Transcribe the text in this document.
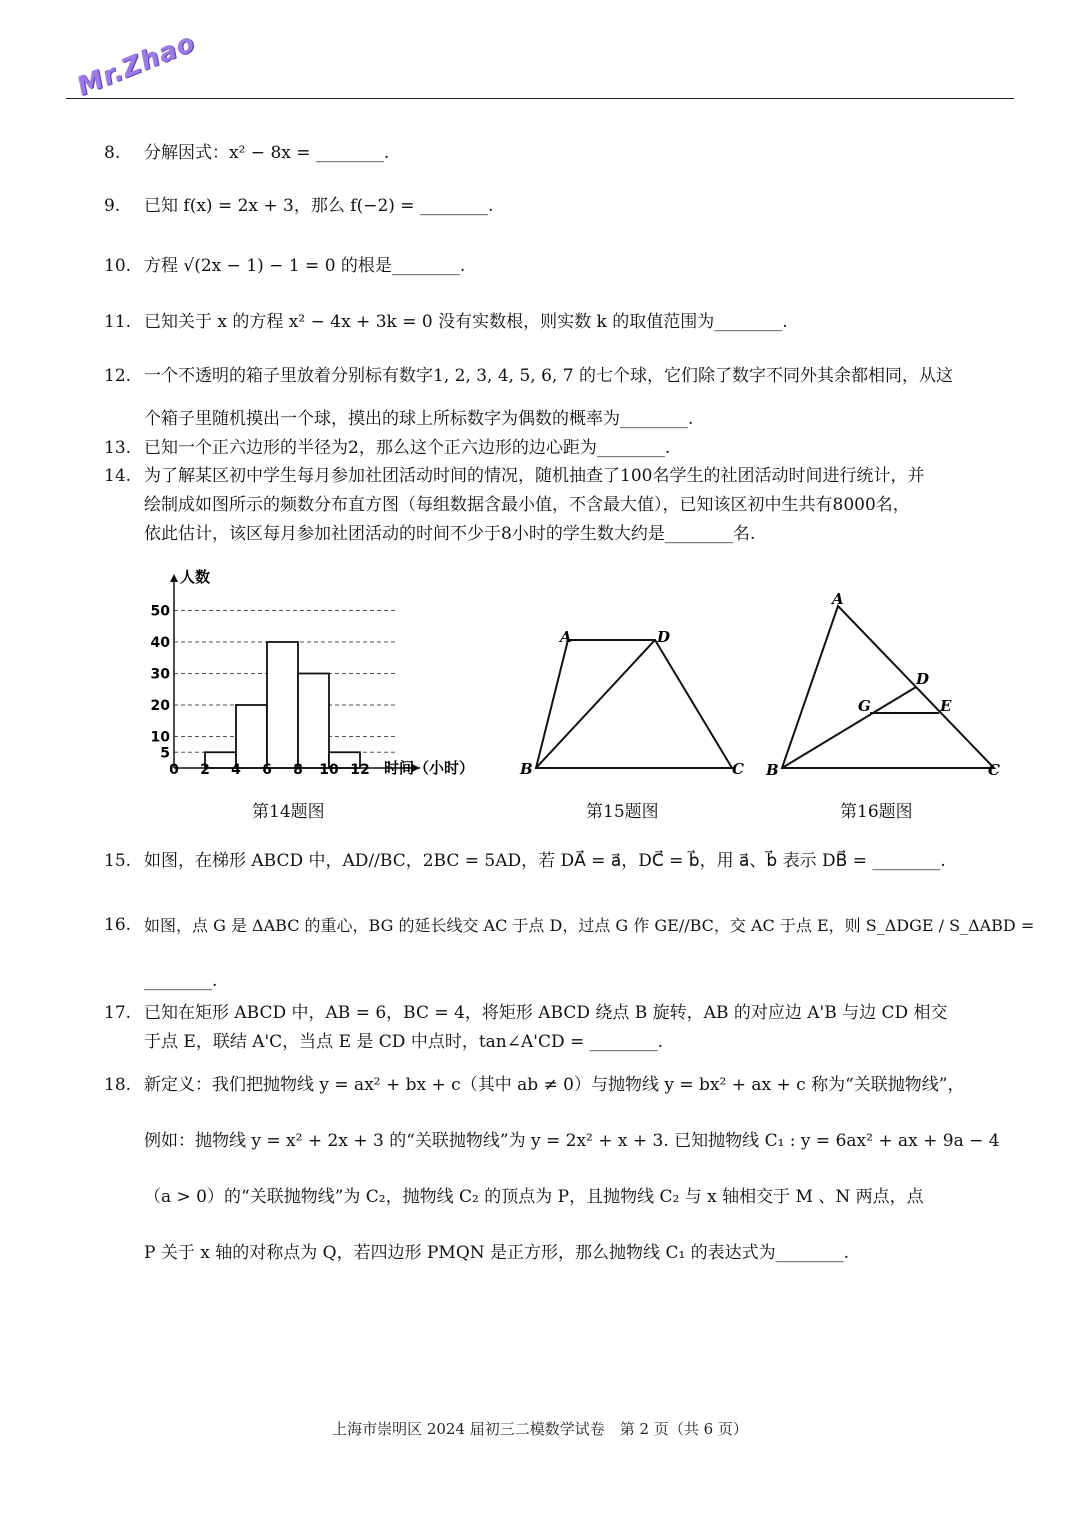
Mr.Zhao
8.	分解因式：x² − 8x = ________.
9.	已知 f(x) = 2x + 3，那么 f(−2) = ________.
10. 方程 √(2x − 1) − 1 = 0 的根是________.
11. 已知关于 x 的方程 x² − 4x + 3k = 0 没有实数根，则实数 k 的取值范围为________.
12. 一个不透明的箱子里放着分别标有数字1, 2, 3, 4, 5, 6, 7 的七个球，它们除了数字不同外其余都相同，从这
个箱子里随机摸出一个球，摸出的球上所标数字为偶数的概率为________.
13. 已知一个正六边形的半径为2，那么这个正六边形的边心距为________.
14. 为了解某区初中学生每月参加社团活动时间的情况，随机抽查了100名学生的社团活动时间进行统计，并
绘制成如图所示的频数分布直方图（每组数据含最小值，不含最大值），已知该区初中生共有8000名，
依此估计，该区每月参加社团活动的时间不少于8小时的学生数大约是________名.
5
10
20
30
40
50
0 2 4 6 8 10 12
人数
时间（小时）
第14题图
A	D
B	C
第15题图
A
D
G	E
B	C
第16题图
15. 如图，在梯形 ABCD 中，AD//BC，2BC = 5AD，若 DA⃗ = a⃗，DC⃗ = b⃗，用 a⃗、b⃗ 表示 DB⃗ = ________.
16. 如图，点 G 是 ΔABC 的重心，BG 的延长线交 AC 于点 D，过点 G 作 GE//BC，交 AC 于点 E，则 S_ΔDGE / S_ΔABD =
________.
17. 已知在矩形 ABCD 中，AB = 6，BC = 4，将矩形 ABCD 绕点 B 旋转，AB 的对应边 A'B 与边 CD 相交
于点 E，联结 A'C，当点 E 是 CD 中点时，tan∠A'CD = ________.
18. 新定义：我们把抛物线 y = ax² + bx + c（其中 ab ≠ 0）与抛物线 y = bx² + ax + c 称为“关联抛物线”，
例如：抛物线 y = x² + 2x + 3 的“关联抛物线”为 y = 2x² + x + 3. 已知抛物线 C₁ : y = 6ax² + ax + 9a − 4
（a > 0）的“关联抛物线”为 C₂，抛物线 C₂ 的顶点为 P，且抛物线 C₂ 与 x 轴相交于 M 、N 两点，点
P 关于 x 轴的对称点为 Q，若四边形 PMQN 是正方形，那么抛物线 C₁ 的表达式为________.
上海市崇明区 2024 届初三二模数学试卷　第 2 页（共 6 页）
